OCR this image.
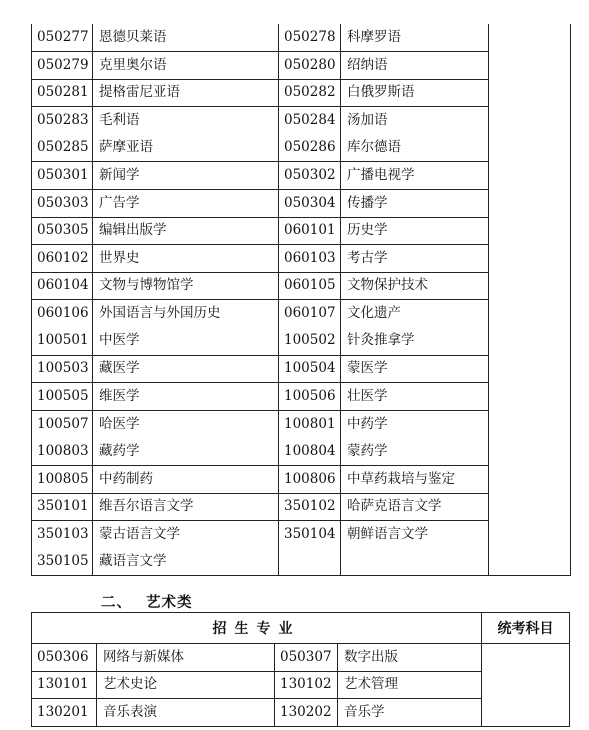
050277	恩德贝莱语	050278	科摩罗语	
050279	克里奥尔语	050280	绍纳语	
050281	提格雷尼亚语	050282	白俄罗斯语	
050283	毛利语	050284	汤加语	
050285	萨摩亚语	050286	库尔德语	
050301	新闻学	050302	广播电视学	
050303	广告学	050304	传播学	
050305	编辑出版学	060101	历史学	
060102	世界史	060103	考古学	
060104	文物与博物馆学	060105	文物保护技术	
060106	外国语言与外国历史	060107	文化遗产	
100501	中医学	100502	针灸推拿学	
100503	藏医学	100504	蒙医学	
100505	维医学	100506	壮医学	
100507	哈医学	100801	中药学	
100803	藏药学	100804	蒙药学	
100805	中药制药	100806	中草药栽培与鉴定	
350101	维吾尔语言文学	350102	哈萨克语言文学	
350103	蒙古语言文学	350104	朝鲜语言文学	
350105	藏语言文学			
二、 艺术类
招生专业				统考科目
050306	网络与新媒体	050307	数字出版	
130101	艺术史论	130102	艺术管理	
130201	音乐表演	130202	音乐学	
